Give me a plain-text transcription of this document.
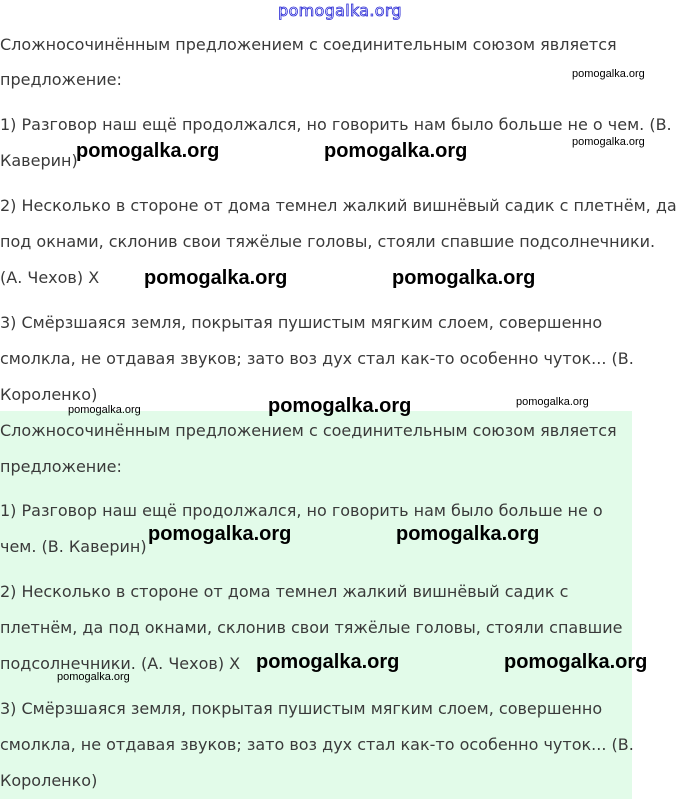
pomogalka.org
Сложносочинённым предложением с соединительным союзом является
предложение:
1) Разговор наш ещё продолжался, но говорить нам было больше не о чем. (В.
Каверин)
2) Несколько в стороне от дома темнел жалкий вишнёвый садик с плетнём, да
под окнами, склонив свои тяжёлые головы, стояли спавшие подсолнечники.
(А. Чехов) Х
3) Смёрзшаяся земля, покрытая пушистым мягким слоем, совершенно
смолкла, не отдавая звуков; зато воз дух стал как-то особенно чуток... (В.
Короленко)
Сложносочинённым предложением с соединительным союзом является
предложение:
1) Разговор наш ещё продолжался, но говорить нам было больше не о
чем. (В. Каверин)
2) Несколько в стороне от дома темнел жалкий вишнёвый садик с
плетнём, да под окнами, склонив свои тяжёлые головы, стояли спавшие
подсолнечники. (А. Чехов) Х
3) Смёрзшаяся земля, покрытая пушистым мягким слоем, совершенно
смолкла, не отдавая звуков; зато воз дух стал как-то особенно чуток... (В.
Короленко)
pomogalka.org
pomogalka.org
pomogalka.org	pomogalka.org
pomogalka.org	pomogalka.org
pomogalka.org	pomogalka.org	pomogalka.org
pomogalka.org	pomogalka.org
pomogalka.org	pomogalka.org
pomogalka.org
